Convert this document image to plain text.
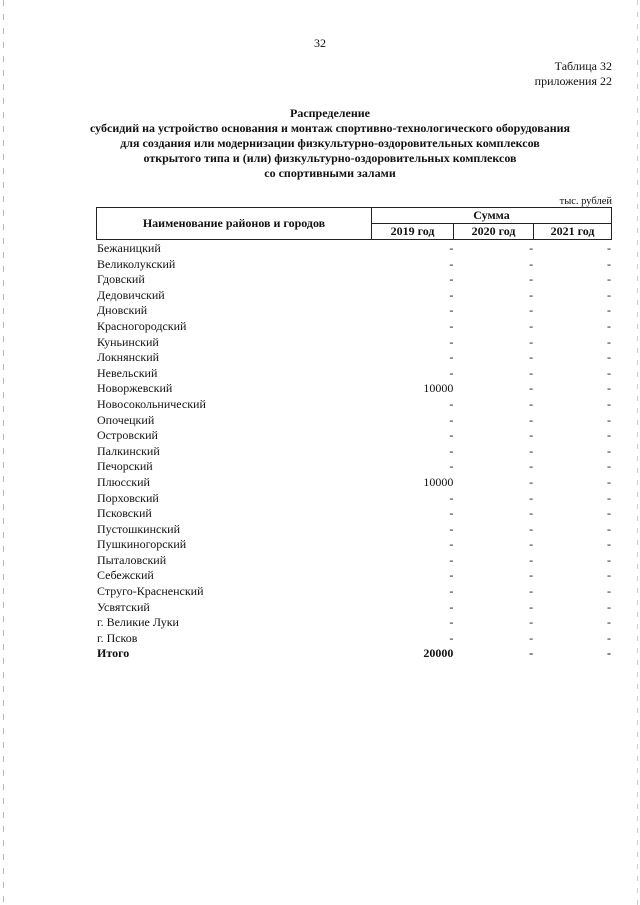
32
Таблица 32
приложения 22
Распределение
субсидий на устройство основания и монтаж спортивно-технологического оборудования
для создания или модернизации физкультурно-оздоровительных комплексов
открытого типа и (или) физкультурно-оздоровительных комплексов
со спортивными залами
тыс. рублей
Наименование районов и городов	Сумма		
	2019 год	2020 год	2021 год
Бежаницкий	-	-	-
Великолукский	-	-	-
Гдовский	-	-	-
Дедовичский	-	-	-
Дновский	-	-	-
Красногородский	-	-	-
Куньинский	-	-	-
Локнянский	-	-	-
Невельский	-	-	-
Новоржевский	10000	-	-
Новосокольнический	-	-	-
Опочецкий	-	-	-
Островский	-	-	-
Палкинский	-	-	-
Печорский	-	-	-
Плюсский	10000	-	-
Порховский	-	-	-
Псковский	-	-	-
Пустошкинский	-	-	-
Пушкиногорский	-	-	-
Пыталовский	-	-	-
Себежский	-	-	-
Струго-Красненский	-	-	-
Усвятский	-	-	-
г. Великие Луки	-	-	-
г. Псков	-	-	-
Итого	20000	-	-
